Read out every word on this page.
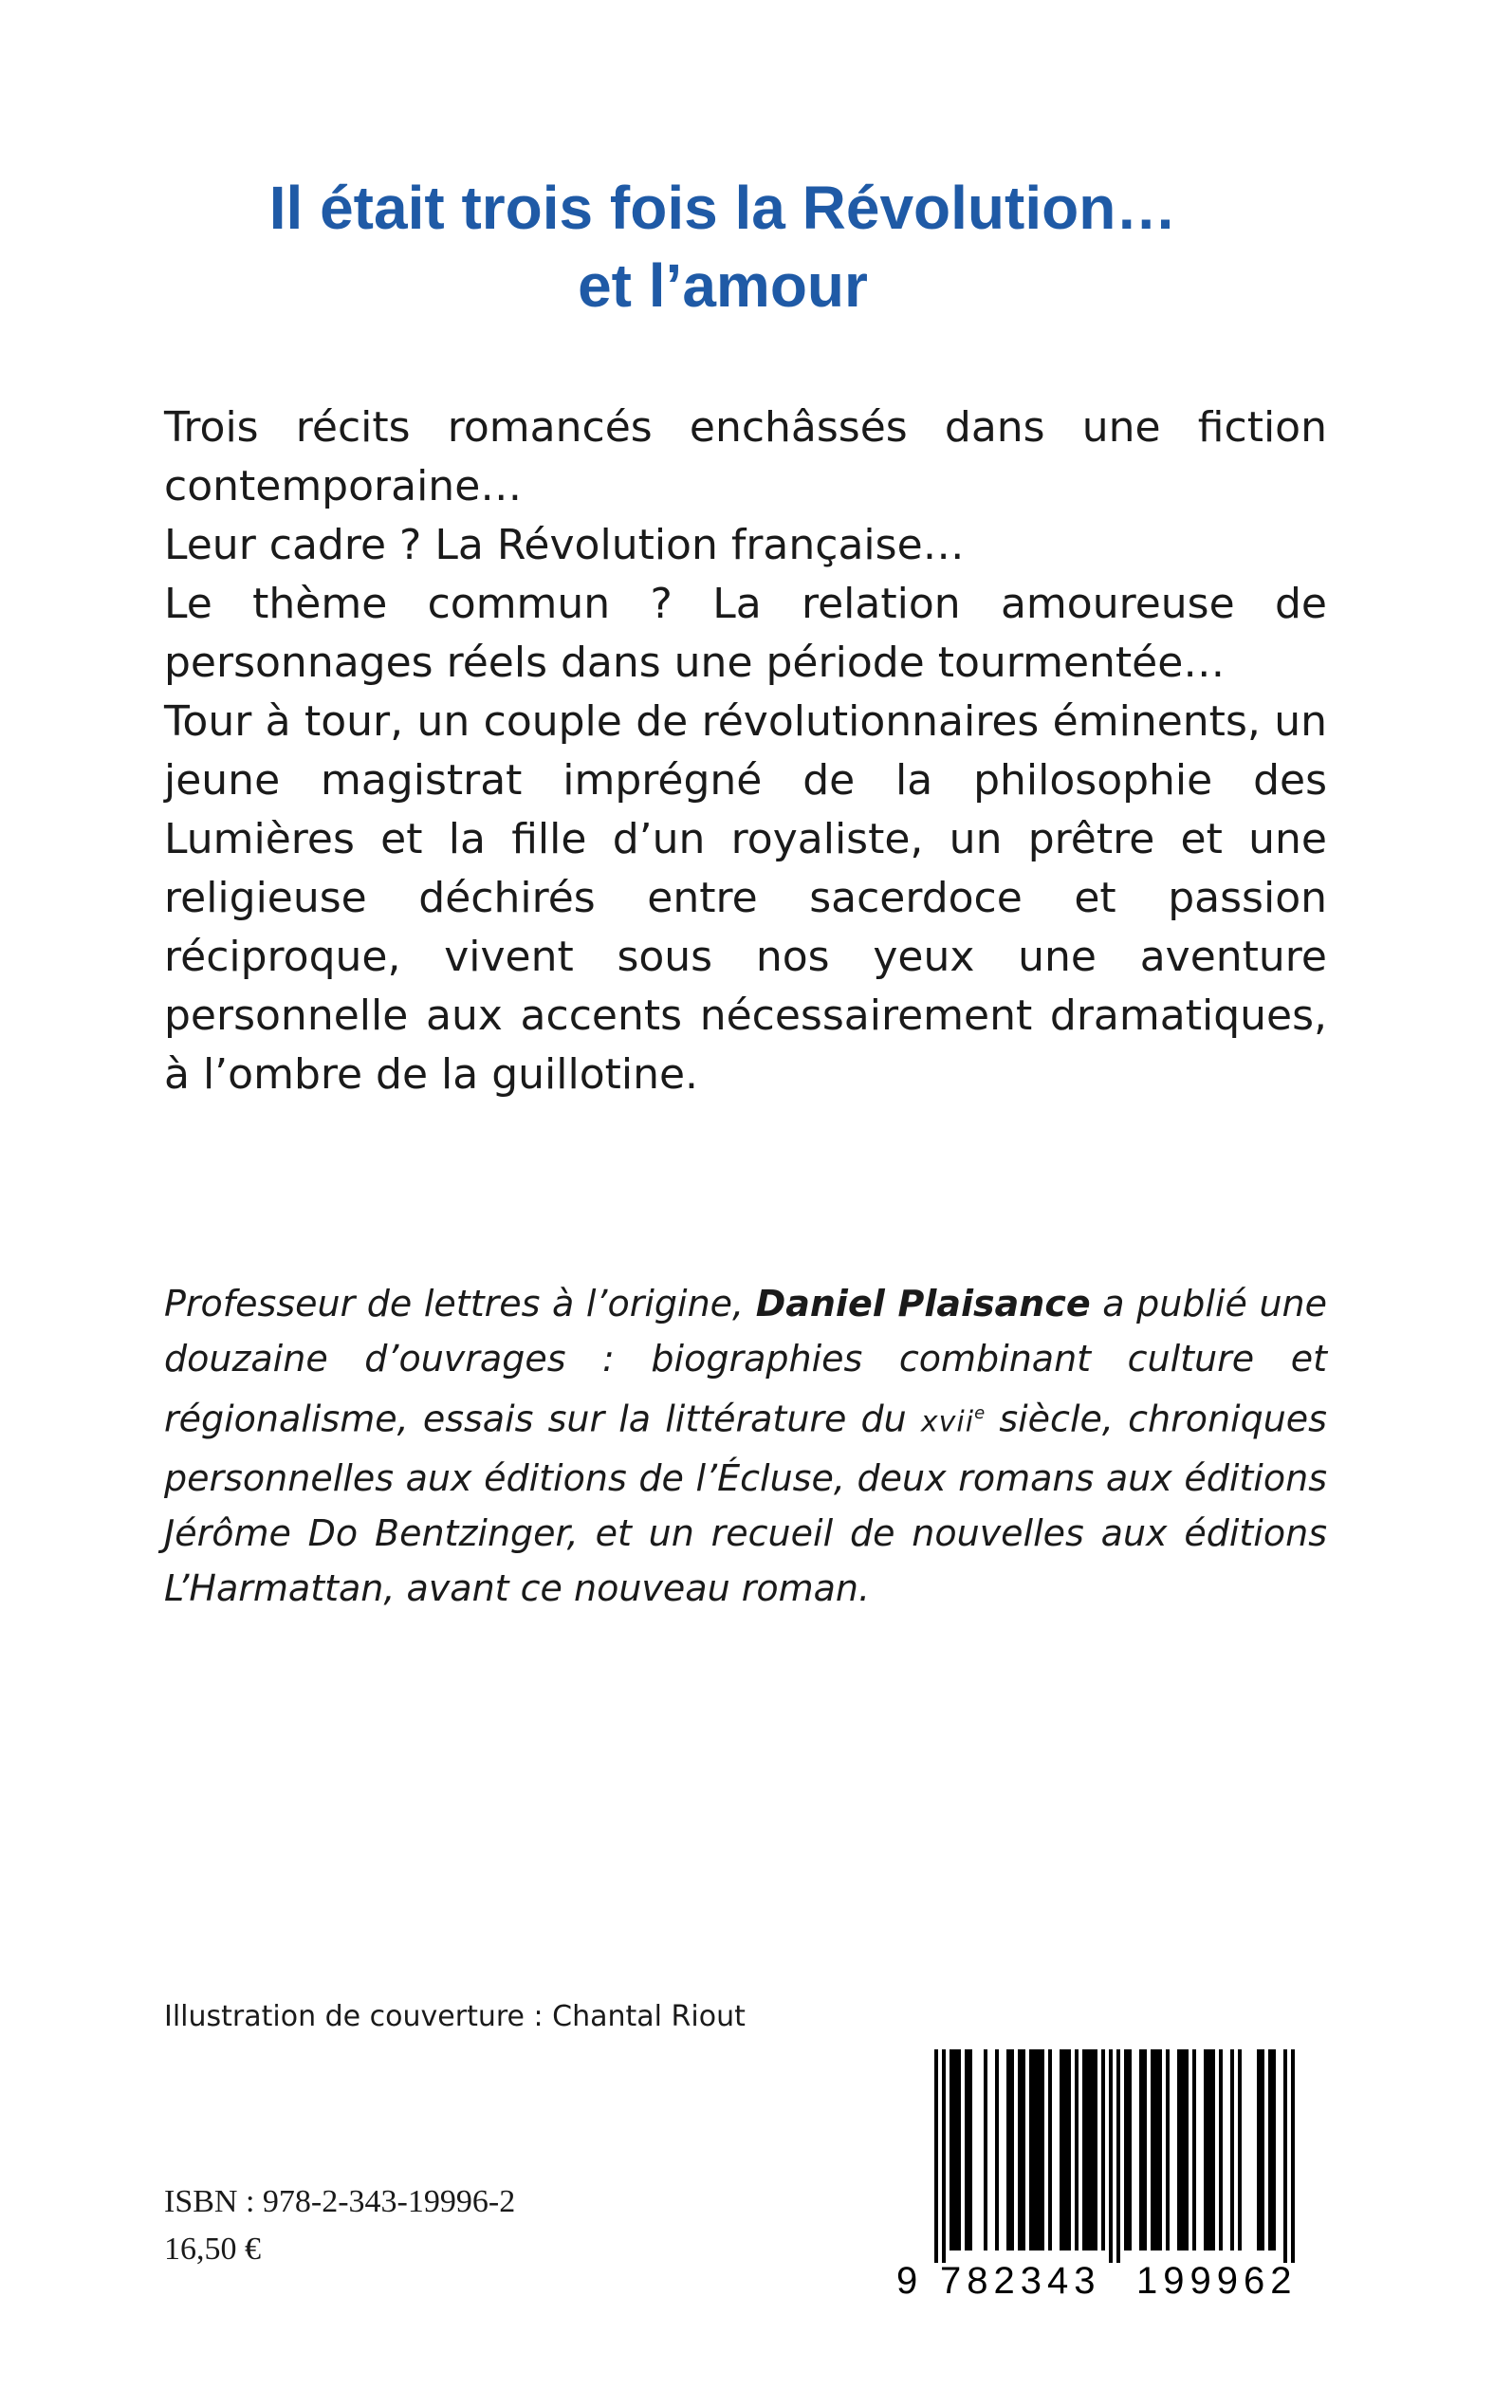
Il était trois fois la Révolution…
et l’amour

Trois récits romancés enchâssés dans une fiction contemporaine…

Leur cadre ? La Révolution française…

Le thème commun ? La relation amoureuse de personnages réels dans une période tourmentée…

Tour à tour, un couple de révolutionnaires éminents, un jeune magistrat imprégné de la philosophie des Lumières et la fille d’un royaliste, un prêtre et une religieuse déchirés entre sacerdoce et passion réciproque, vivent sous nos yeux une aventure personnelle aux accents nécessairement dramatiques, à l’ombre de la guillotine.

Professeur de lettres à l’origine, Daniel Plaisance a publié une douzaine d’ouvrages : biographies combinant culture et régionalisme, essais sur la littérature du xvii$^e$ siècle, chroniques personnelles aux éditions de l’Écluse, deux romans aux éditions Jérôme Do Bentzinger, et un recueil de nouvelles aux éditions L’Harmattan, avant ce nouveau roman.

Illustration de couverture : Chantal Riout
ISBN : 978-2-343-19996-2
16,50 €
9 782343 199962
